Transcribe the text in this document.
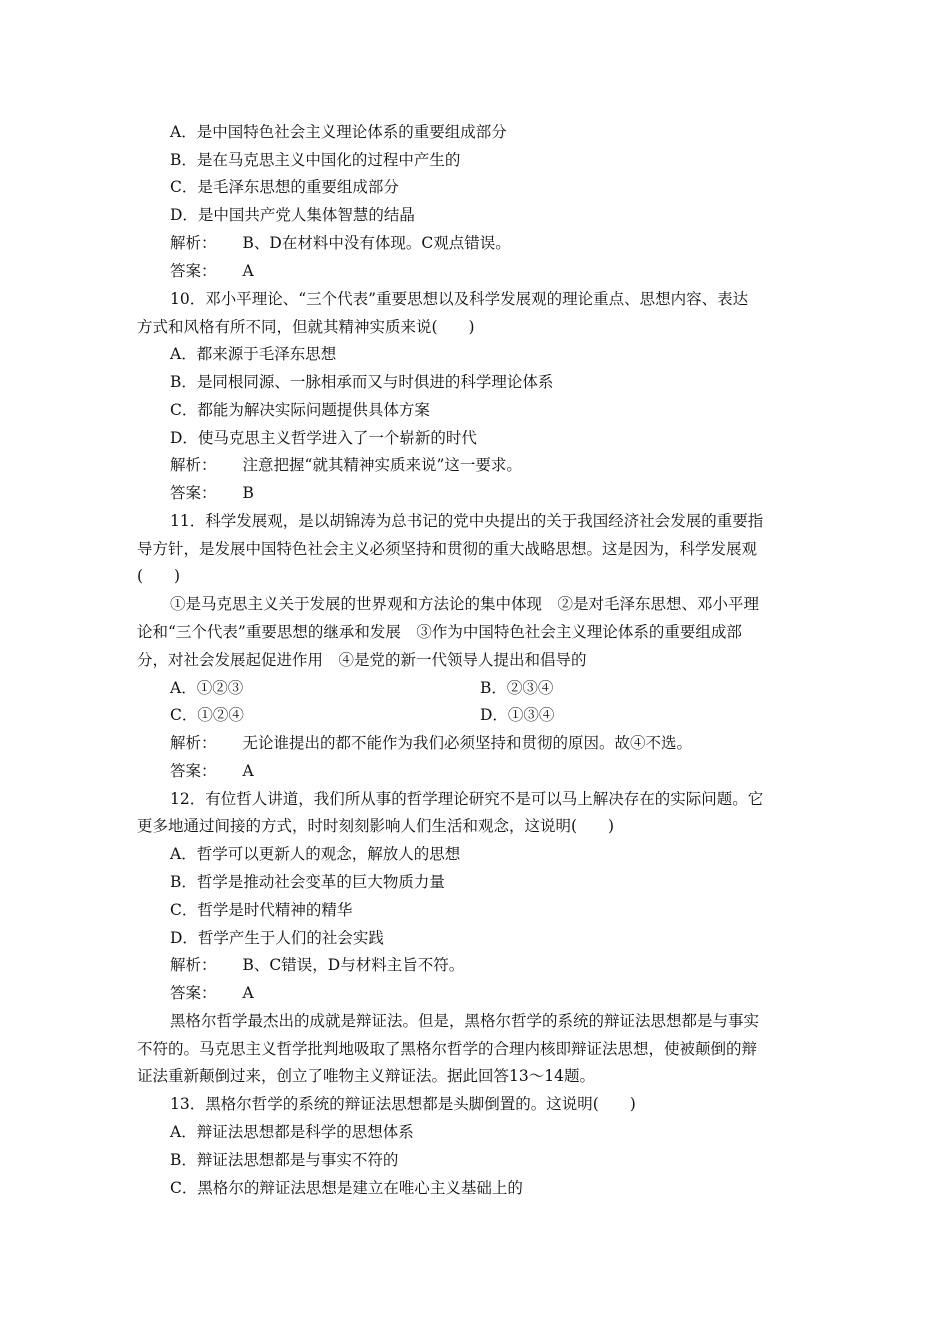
A．是中国特色社会主义理论体系的重要组成部分
B．是在马克思主义中国化的过程中产生的
C．是毛泽东思想的重要组成部分
D．是中国共产党人集体智慧的结晶
解析： B、D在材料中没有体现。C观点错误。
答案： A
10．邓小平理论、“三个代表”重要思想以及科学发展观的理论重点、思想内容、表达
方式和风格有所不同，但就其精神实质来说(　　)
A．都来源于毛泽东思想
B．是同根同源、一脉相承而又与时俱进的科学理论体系
C．都能为解决实际问题提供具体方案
D．使马克思主义哲学进入了一个崭新的时代
解析： 注意把握“就其精神实质来说”这一要求。
答案： B
11．科学发展观，是以胡锦涛为总书记的党中央提出的关于我国经济社会发展的重要指
导方针，是发展中国特色社会主义必须坚持和贯彻的重大战略思想。这是因为，科学发展观
(　　)
①是马克思主义关于发展的世界观和方法论的集中体现　②是对毛泽东思想、邓小平理
论和“三个代表”重要思想的继承和发展　③作为中国特色社会主义理论体系的重要组成部
分，对社会发展起促进作用　④是党的新一代领导人提出和倡导的
A．①②③	B．②③④
C．①②④	D．①③④
解析： 无论谁提出的都不能作为我们必须坚持和贯彻的原因。故④不选。
答案： A
12．有位哲人讲道，我们所从事的哲学理论研究不是可以马上解决存在的实际问题。它
更多地通过间接的方式，时时刻刻影响人们生活和观念，这说明(　　)
A．哲学可以更新人的观念，解放人的思想
B．哲学是推动社会变革的巨大物质力量
C．哲学是时代精神的精华
D．哲学产生于人们的社会实践
解析： B、C错误，D与材料主旨不符。
答案： A
黑格尔哲学最杰出的成就是辩证法。但是，黑格尔哲学的系统的辩证法思想都是与事实
不符的。马克思主义哲学批判地吸取了黑格尔哲学的合理内核即辩证法思想，使被颠倒的辩
证法重新颠倒过来，创立了唯物主义辩证法。据此回答13～14题。
13．黑格尔哲学的系统的辩证法思想都是头脚倒置的。这说明(　　)
A．辩证法思想都是科学的思想体系
B．辩证法思想都是与事实不符的
C．黑格尔的辩证法思想是建立在唯心主义基础上的
